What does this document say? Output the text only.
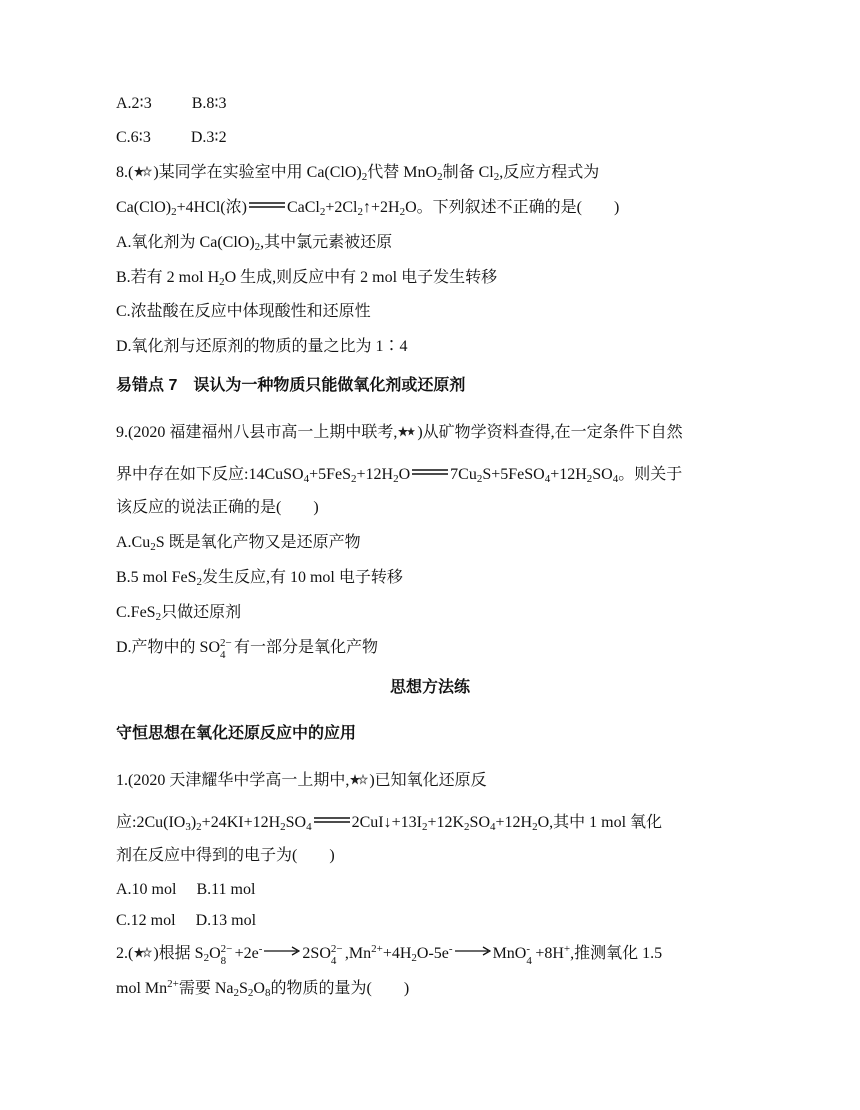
A.2∶3	B.8∶3
C.6∶3	D.3∶2
8.( )某同学在实验室中用 $Ca(ClO)_2$代替 MnO$_2$制备 $Cl_2$,反应方程式为
$Ca(ClO)_2+4HCl$(浓)	$CaCl_2+2Cl_2↑+2H_2O$。下列叙述不正确的是(　　)
A.氧化剂为 $Ca(ClO)_2$,其中氯元素被还原
B.若有 2 mol $H_2O$ 生成,则反应中有 2 mol 电子发生转移
C.浓盐酸在反应中体现酸性和还原性
D.氧化剂与还原剂的物质的量之比为 1∶4
易错点 7　误认为一种物质只能做氧化剂或还原剂
9.(2020 福建福州八县市高一上期中联考, )从矿物学资料查得,在一定条件下自然
界中存在如下反应$:14CuSO_4+5FeS_2+12H_2O$	$7Cu_2S+5FeSO_4+12H_2SO_4$。则关于
该反应的说法正确的是(　　)
$A.Cu_2S$ 既是氧化产物又是还原产物
B.5 mol FeS$_2$发生反应,有 10 mol 电子转移
C.FeS$_2$只做还原剂
D.产物中的 SO 2−
4 有一部分是氧化产物
思想方法练
守恒思想在氧化还原反应中的应用
1.(2020 天津耀华中学高一上期中, )已知氧化还原反
应$:2Cu(IO_3)_2+24KI+12H_2SO_4$	$2CuI↓+13I_2+12K_2SO_4+12H_2O$,其中 1 mol 氧化
剂在反应中得到的电子为(　　)
A.10 mol　 B.11 mol
C.12 mol　 D.13 mol
2.( )根据 $S_2O$ 2−
8 +2e-	2SO 2−
4 $,Mn^{2+}+4H_2O-5e^-$	MnO -
4 +8H+,推测氧化 1.5
mol $Mn^{2+}$需要 $Na_2S_2O_8$的物质的量为(　　)
